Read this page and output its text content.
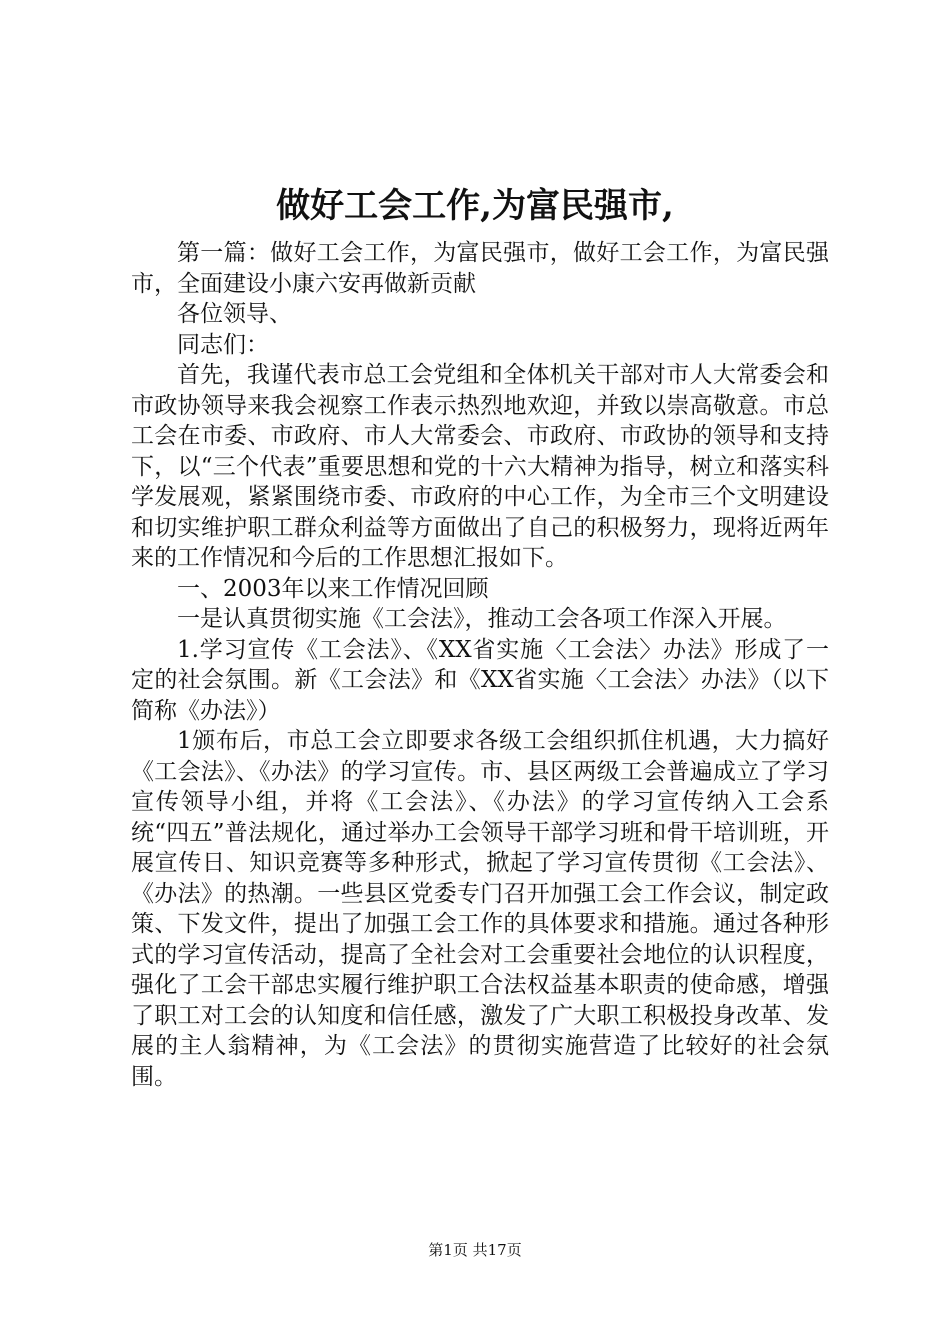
做好工会工作,为富民强市,

第一篇：做好工会工作，为富民强市，做好工会工作，为富民强市，全面建设小康六安再做新贡献

各位领导、

同志们：

首先，我谨代表市总工会党组和全体机关干部对市人大常委会和市政协领导来我会视察工作表示热烈地欢迎，并致以崇高敬意。市总工会在市委、市政府、市人大常委会、市政府、市政协的领导和支持下，以“三个代表”重要思想和党的十六大精神为指导，树立和落实科学发展观，紧紧围绕市委、市政府的中心工作，为全市三个文明建设和切实维护职工群众利益等方面做出了自己的积极努力，现将近两年来的工作情况和今后的工作思想汇报如下。

一、2003年以来工作情况回顾

一是认真贯彻实施《工会法》，推动工会各项工作深入开展。

1.学习宣传《工会法》、《XX省实施〈工会法〉办法》形成了一定的社会氛围。新《工会法》和《XX省实施〈工会法〉办法》（以下简称《办法》）

1颁布后，市总工会立即要求各级工会组织抓住机遇，大力搞好《工会法》、《办法》的学习宣传。市、县区两级工会普遍成立了学习宣传领导小组，并将《工会法》、《办法》的学习宣传纳入工会系统“四五”普法规化，通过举办工会领导干部学习班和骨干培训班，开展宣传日、知识竞赛等多种形式，掀起了学习宣传贯彻《工会法》、《办法》的热潮。一些县区党委专门召开加强工会工作会议，制定政策、下发文件，提出了加强工会工作的具体要求和措施。通过各种形式的学习宣传活动，提高了全社会对工会重要社会地位的认识程度，强化了工会干部忠实履行维护职工合法权益基本职责的使命感，增强了职工对工会的认知度和信任感，激发了广大职工积极投身改革、发展的主人翁精神，为《工会法》的贯彻实施营造了比较好的社会氛围。

第1页 共17页
